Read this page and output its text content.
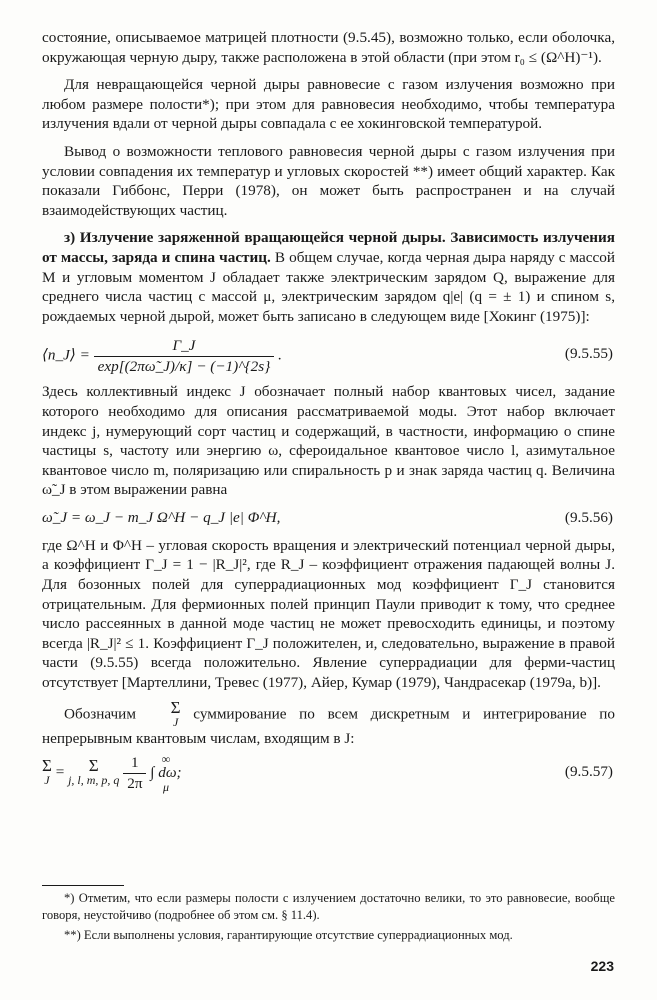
состояние, описываемое матрицей плотности (9.5.45), возможно только, если оболочка, окружающая черную дыру, также расположена в этой области (при этом r₀ ≤ (Ω^H)⁻¹).

Для невращающейся черной дыры равновесие с газом излучения возможно при любом размере полости*); при этом для равновесия необходимо, чтобы температура излучения вдали от черной дыры совпадала с ее хокинговской температурой.

Вывод о возможности теплового равновесия черной дыры с газом излучения при условии совпадения их температур и угловых скоростей **) имеет общий характер. Как показали Гиббонс, Перри (1978), он может быть распространен и на случай взаимодействующих частиц.

з) Излучение заряженной вращающейся черной дыры. Зависимость излучения от массы, заряда и спина частиц. В общем случае, когда черная дыра наряду с массой M и угловым моментом J обладает также электрическим зарядом Q, выражение для среднего числа частиц с массой μ, электрическим зарядом q|e| (q = ± 1) и спином s, рождаемых черной дырой, может быть записано в следующем виде [Хокинг (1975)]:

⟨n_J⟩ = $\frac{\Gamma\_J}{\exp[(2\pi\omegã\_J)/\kappa] - (-1)\^{}\{2s\}}$ .	(9.5.55)

Здесь коллективный индекс J обозначает полный набор квантовых чисел, задание которого необходимо для описания рассматриваемой моды. Этот набор включает индекс j, нумерующий сорт частиц и содержащий, в частности, информацию о спине частицы s, частоту или энергию ω, сфероидальное квантовое число l, азимутальное квантовое число m, поляризацию или спиральность p и знак заряда частиц q. Величина ω̃_J в этом выражении равна

ω̃_J = ω_J − m_J Ω^H − q_J |e| Φ^H,	(9.5.56)

где Ω^H и Φ^H – угловая скорость вращения и электрический потенциал черной дыры, а коэффициент Γ_J = 1 − |R_J|², где R_J – коэффициент отражения падающей волны J. Для бозонных полей для суперрадиационных мод коэффициент Γ_J становится отрицательным. Для фермионных полей принцип Паули приводит к тому, что среднее число рассеянных в данной моде частиц не может превосходить единицы, и поэтому всегда |R_J|² ≤ 1. Коэффициент Γ_J положителен, и, следовательно, выражение в правой части (9.5.55) всегда положительно. Явление суперрадиации для ферми-частиц отсутствует [Мартеллини, Тревес (1977), Айер, Кумар (1979), Чандрасекар (1979a, b)].

Обозначим	Σ
J суммирование по всем дискретным и интегрирование по непрерывным квантовым числам, входящим в J:

Σ
J =	Σ
j, l, m, p, q
$\frac{1}{2\pi}$
	∞
∫ dω;
μ
(9.5.57)

*) Отметим, что если размеры полости с излучением достаточно велики, то это равновесие, вообще говоря, неустойчиво (подробнее об этом см. § 11.4).

**) Если выполнены условия, гарантирующие отсутствие суперрадиационных мод.

223
